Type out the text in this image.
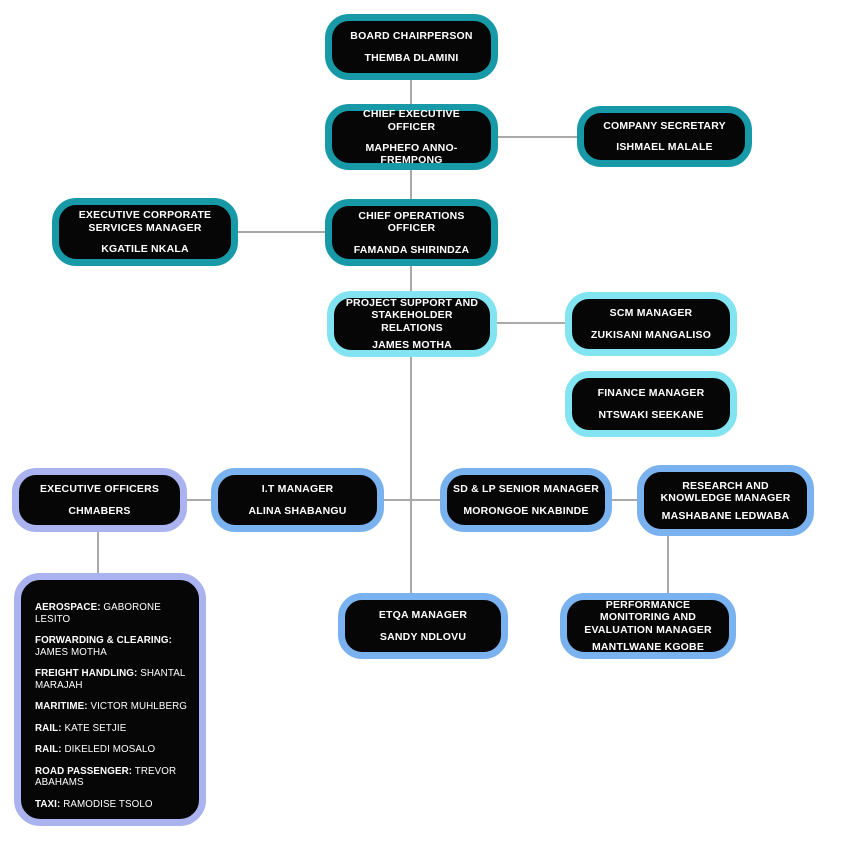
BOARD CHAIRPERSON
THEMBA DLAMINI
CHIEF EXECUTIVE OFFICER
MAPHEFO ANNO-FREMPONG
COMPANY SECRETARY
ISHMAEL MALALE
EXECUTIVE CORPORATE SERVICES MANAGER
KGATILE NKALA
CHIEF OPERATIONS OFFICER
FAMANDA SHIRINDZA
PROJECT SUPPORT AND STAKEHOLDER RELATIONS
JAMES MOTHA
SCM MANAGER
ZUKISANI MANGALISO
FINANCE MANAGER
NTSWAKI SEEKANE
EXECUTIVE OFFICERS
CHMABERS
I.T MANAGER
ALINA SHABANGU
SD & LP SENIOR MANAGER
MORONGOE NKABINDE
RESEARCH AND KNOWLEDGE MANAGER
MASHABANE LEDWABA
ETQA MANAGER
SANDY NDLOVU
PERFORMANCE MONITORING AND EVALUATION MANAGER
MANTLWANE KGOBE
AEROSPACE: GABORONE LESITO
FORWARDING & CLEARING: JAMES MOTHA
FREIGHT HANDLING: SHANTAL MARAJAH
MARITIME: VICTOR MUHLBERG
RAIL: KATE SETJIE
RAIL: DIKELEDI MOSALO
ROAD PASSENGER: TREVOR ABAHAMS
TAXI: RAMODISE TSOLO
